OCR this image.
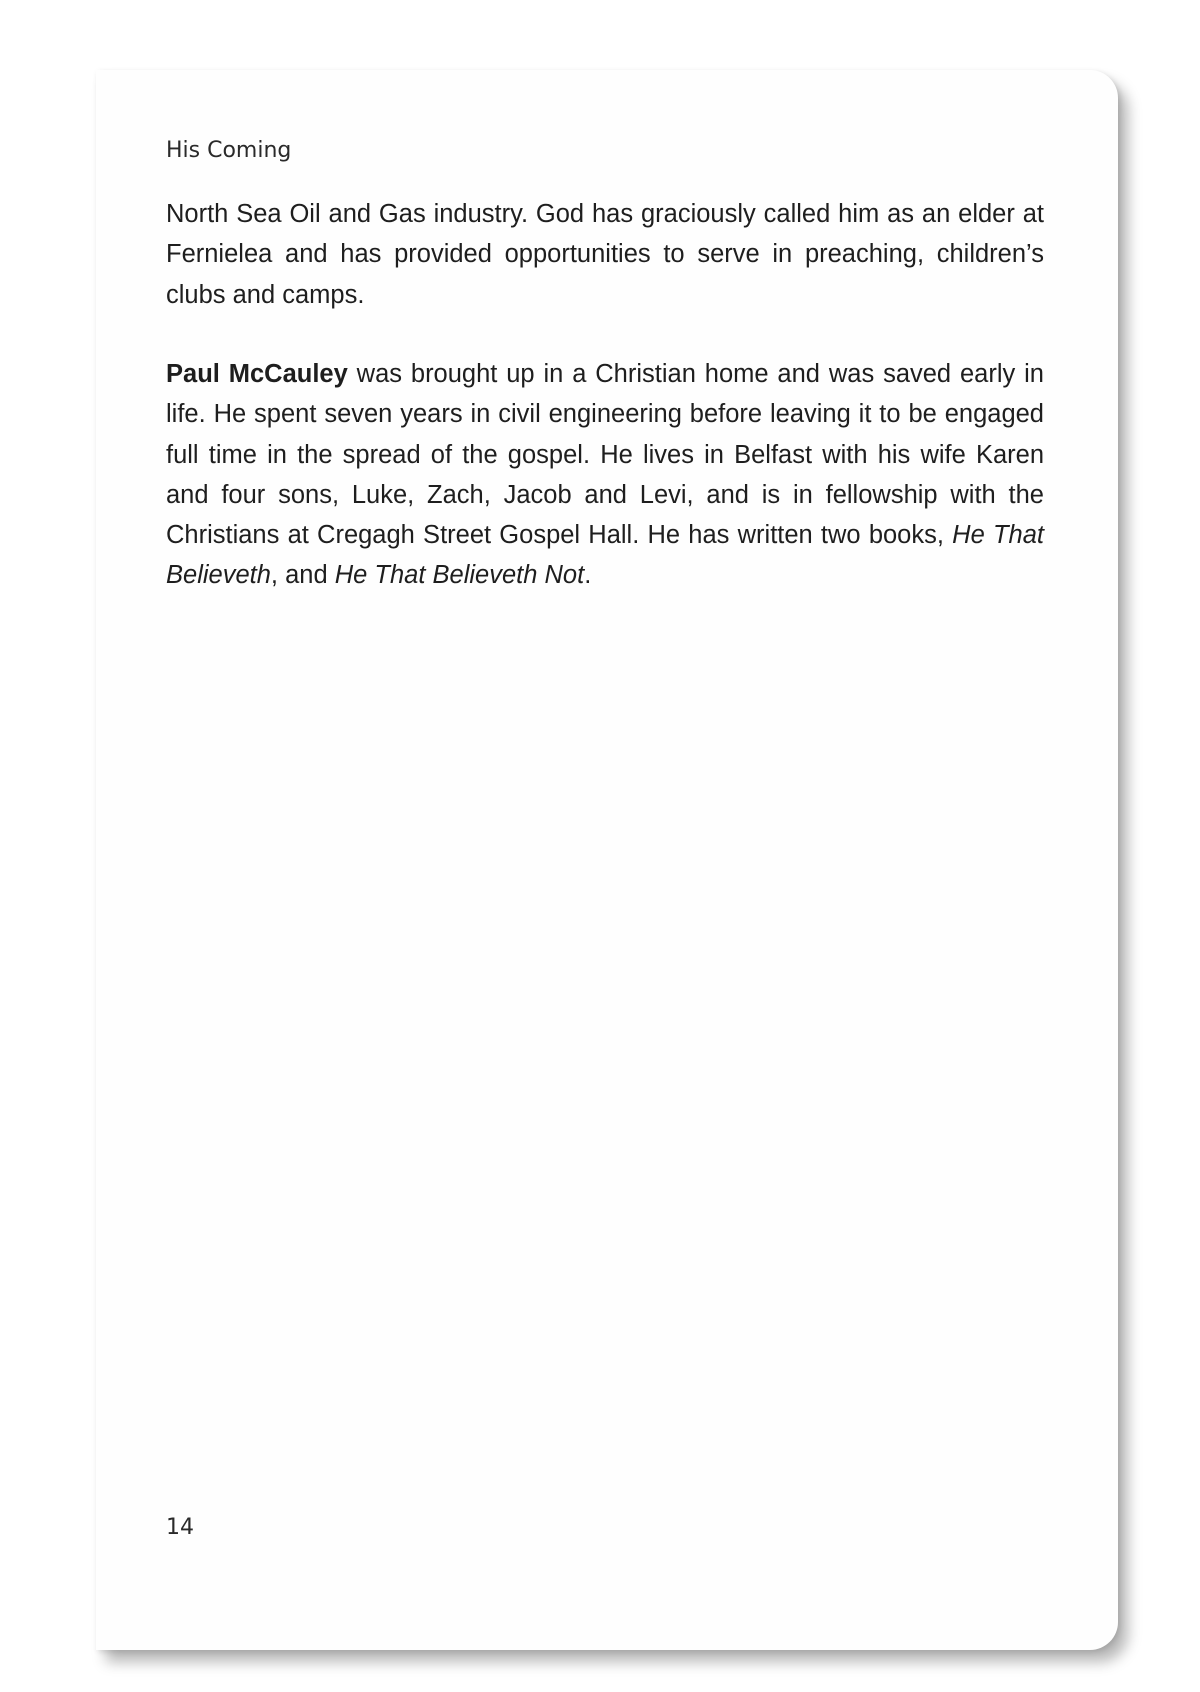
His Coming

North Sea Oil and Gas industry. God has graciously called him as an elder at Fernielea and has provided opportunities to serve in preaching, children’s clubs and camps.

Paul McCauley was brought up in a Christian home and was saved early in life. He spent seven years in civil engineering before leaving it to be engaged full time in the spread of the gospel. He lives in Belfast with his wife Karen and four sons, Luke, Zach, Jacob and Levi, and is in fellowship with the Christians at Cregagh Street Gospel Hall. He has written two books, He That Believeth, and He That Believeth Not.

14
